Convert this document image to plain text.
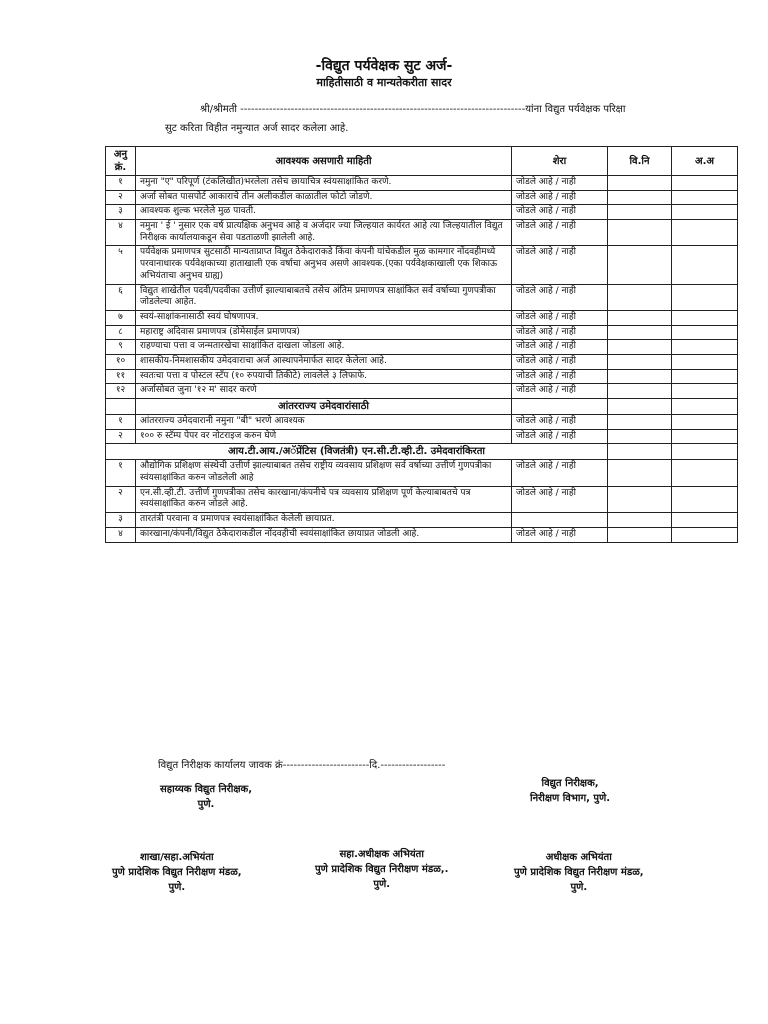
-विद्युत पर्यवेक्षक सुट अर्ज-
माहितीसाठी व मान्यतेकरीता सादर
श्री/श्रीमती -------------------------------------------------------------------------------यांना विद्युत पर्यवेक्षक परिक्षा
सुट करिता विहीत नमुन्यात अर्ज सादर कलेला आहे.
अनु क्रं.	आवश्यक असणारी माहिती	शेरा	वि.नि	अ.अ
१	नमुना "ए" परिपूर्ण (टंकलिखीत)भरलेला तसेच छायाचित्र स्वंयसाक्षांकित करणे.	जोडले आहे / नाही		
२	अर्जा सोबत पासपोर्ट आकाराचे तीन अलीकडील काळातील फोटो जोडणे.	जोडले आहे / नाही		
३	आवश्यक शुल्क भरलेले मुळ पावती.	जोडले आहे / नाही		
४	नमुना ' ई ' नुसार एक वर्ष प्रात्यक्षिक अनुभव आहे व अर्जदार ज्या जिल्हयात कार्यरत आहे त्या जिल्हयातील विद्युत निरीक्षक कार्यालयाकडून सेवा पडताळणी झालेली आहे.	जोडले आहे / नाही		
५	पर्यवेक्षक प्रमाणपत्र सुटसाठी मान्यताप्राप्त विद्युत ठेकेदाराकडे किंवा कंपनी यांचेकडील मुळ कामगार नोंदवहीमध्ये परवानाधारक पर्यवेक्षकाच्या हाताखाली एक वर्षाचा अनुभव असणे आवश्यक.(एका पर्यवेक्षकाखाली एक शिकाऊ अभियंताचा अनुभव ग्राह्य)	जोडले आहे / नाही		
६	विद्युत शाखेतील पदवी/पदवीका उत्तीर्ण झाल्याबाबतचे तसेच अंतिम प्रमाणपत्र साक्षांकित सर्व वर्षाच्या गुणपत्रीका जोडलेल्या आहेत.	जोडले आहे / नाही		
७	स्वयं-साक्षांकनासाठी स्वयं घोषणापत्र.	जोडले आहे / नाही		
८	महाराष्ट्र अदिवास प्रमाणपत्र (डोमेसाईल प्रमाणपत्र)	जोडले आहे / नाही		
९	राहण्याचा पत्ता व जन्मतारखेचा साक्षांकित दाखला जोडला आहे.	जोडले आहे / नाही		
१०	शासकीय-निमशासकीय उमेदवाराचा अर्ज आस्थापनेमार्फत सादर केलेला आहे.	जोडले आहे / नाही		
११	स्वतःचा पत्ता व पोस्टल स्टॅंप (१० रुपयाची तिकीटे) लावलेले ३ लिफाफे.	जोडले आहे / नाही		
१२	अर्जासोबत जुना '१२ म' सादर करणे	जोडले आहे / नाही		
	आंतरराज्य उमेदवारांसाठी			
१	आंतरराज्य उमेदवारानी नमुना "बी" भरणे आवश्यक	जोडले आहे / नाही		
२	१०० रु स्टॅम्प पेपर वर नोटराइज करुन घेणे	जोडले आहे / नाही		
आय.टी.आय./अॅप्रेंटिस (विजतंत्री) एन.सी.टी.व्ही.टी. उमेदवारांकिरता				
१	औद्योगिक प्रशिक्षण संस्थेची उत्तीर्ण झाल्याबाबत तसेच राष्ट्रीय व्यवसाय प्रशिक्षण सर्व वर्षाच्या उत्तीर्ण गुणपत्रीका स्वंयसाक्षांकित करुन जोडलेली आहे	जोडले आहे / नाही		
२	एन.सी.व्ही.टी. उत्तीर्ण गुणपत्रीका तसेच कारखाना/कंपनीचे पत्र व्यवसाय प्रशिक्षण पूर्ण केल्याबाबतचे पत्र स्वयंसाक्षांकित करुन जोडले आहे.	जोडले आहे / नाही		
३	तारतंत्री परवाना व प्रमाणपत्र स्वयंसाक्षांकित केलेली छायाप्रत.			
४	कारखाना/कंपनी/विद्युत ठेकेदाराकडील नोंदवहीची स्वयंसाक्षांकित छायाप्रत जोडली आहे.	जोडले आहे / नाही		
विद्युत निरीक्षक कार्यालय जावक क्रं------------------------दि.------------------
सहाय्यक विद्युत निरीक्षक,
पुणे.
विद्युत निरीक्षक,
निरीक्षण विभाग, पुणे.
शाखा/सहा.अभियंता
पुणे प्रादेशिक विद्युत निरीक्षण मंडळ,
पुणे.
सहा.अधीक्षक अभियंता
पुणे प्रादेशिक विद्युत निरीक्षण मंडळ,.
पुणे.
अधीक्षक अभियंता
पुणे प्रादेशिक विद्युत निरीक्षण मंडळ,
पुणे.
